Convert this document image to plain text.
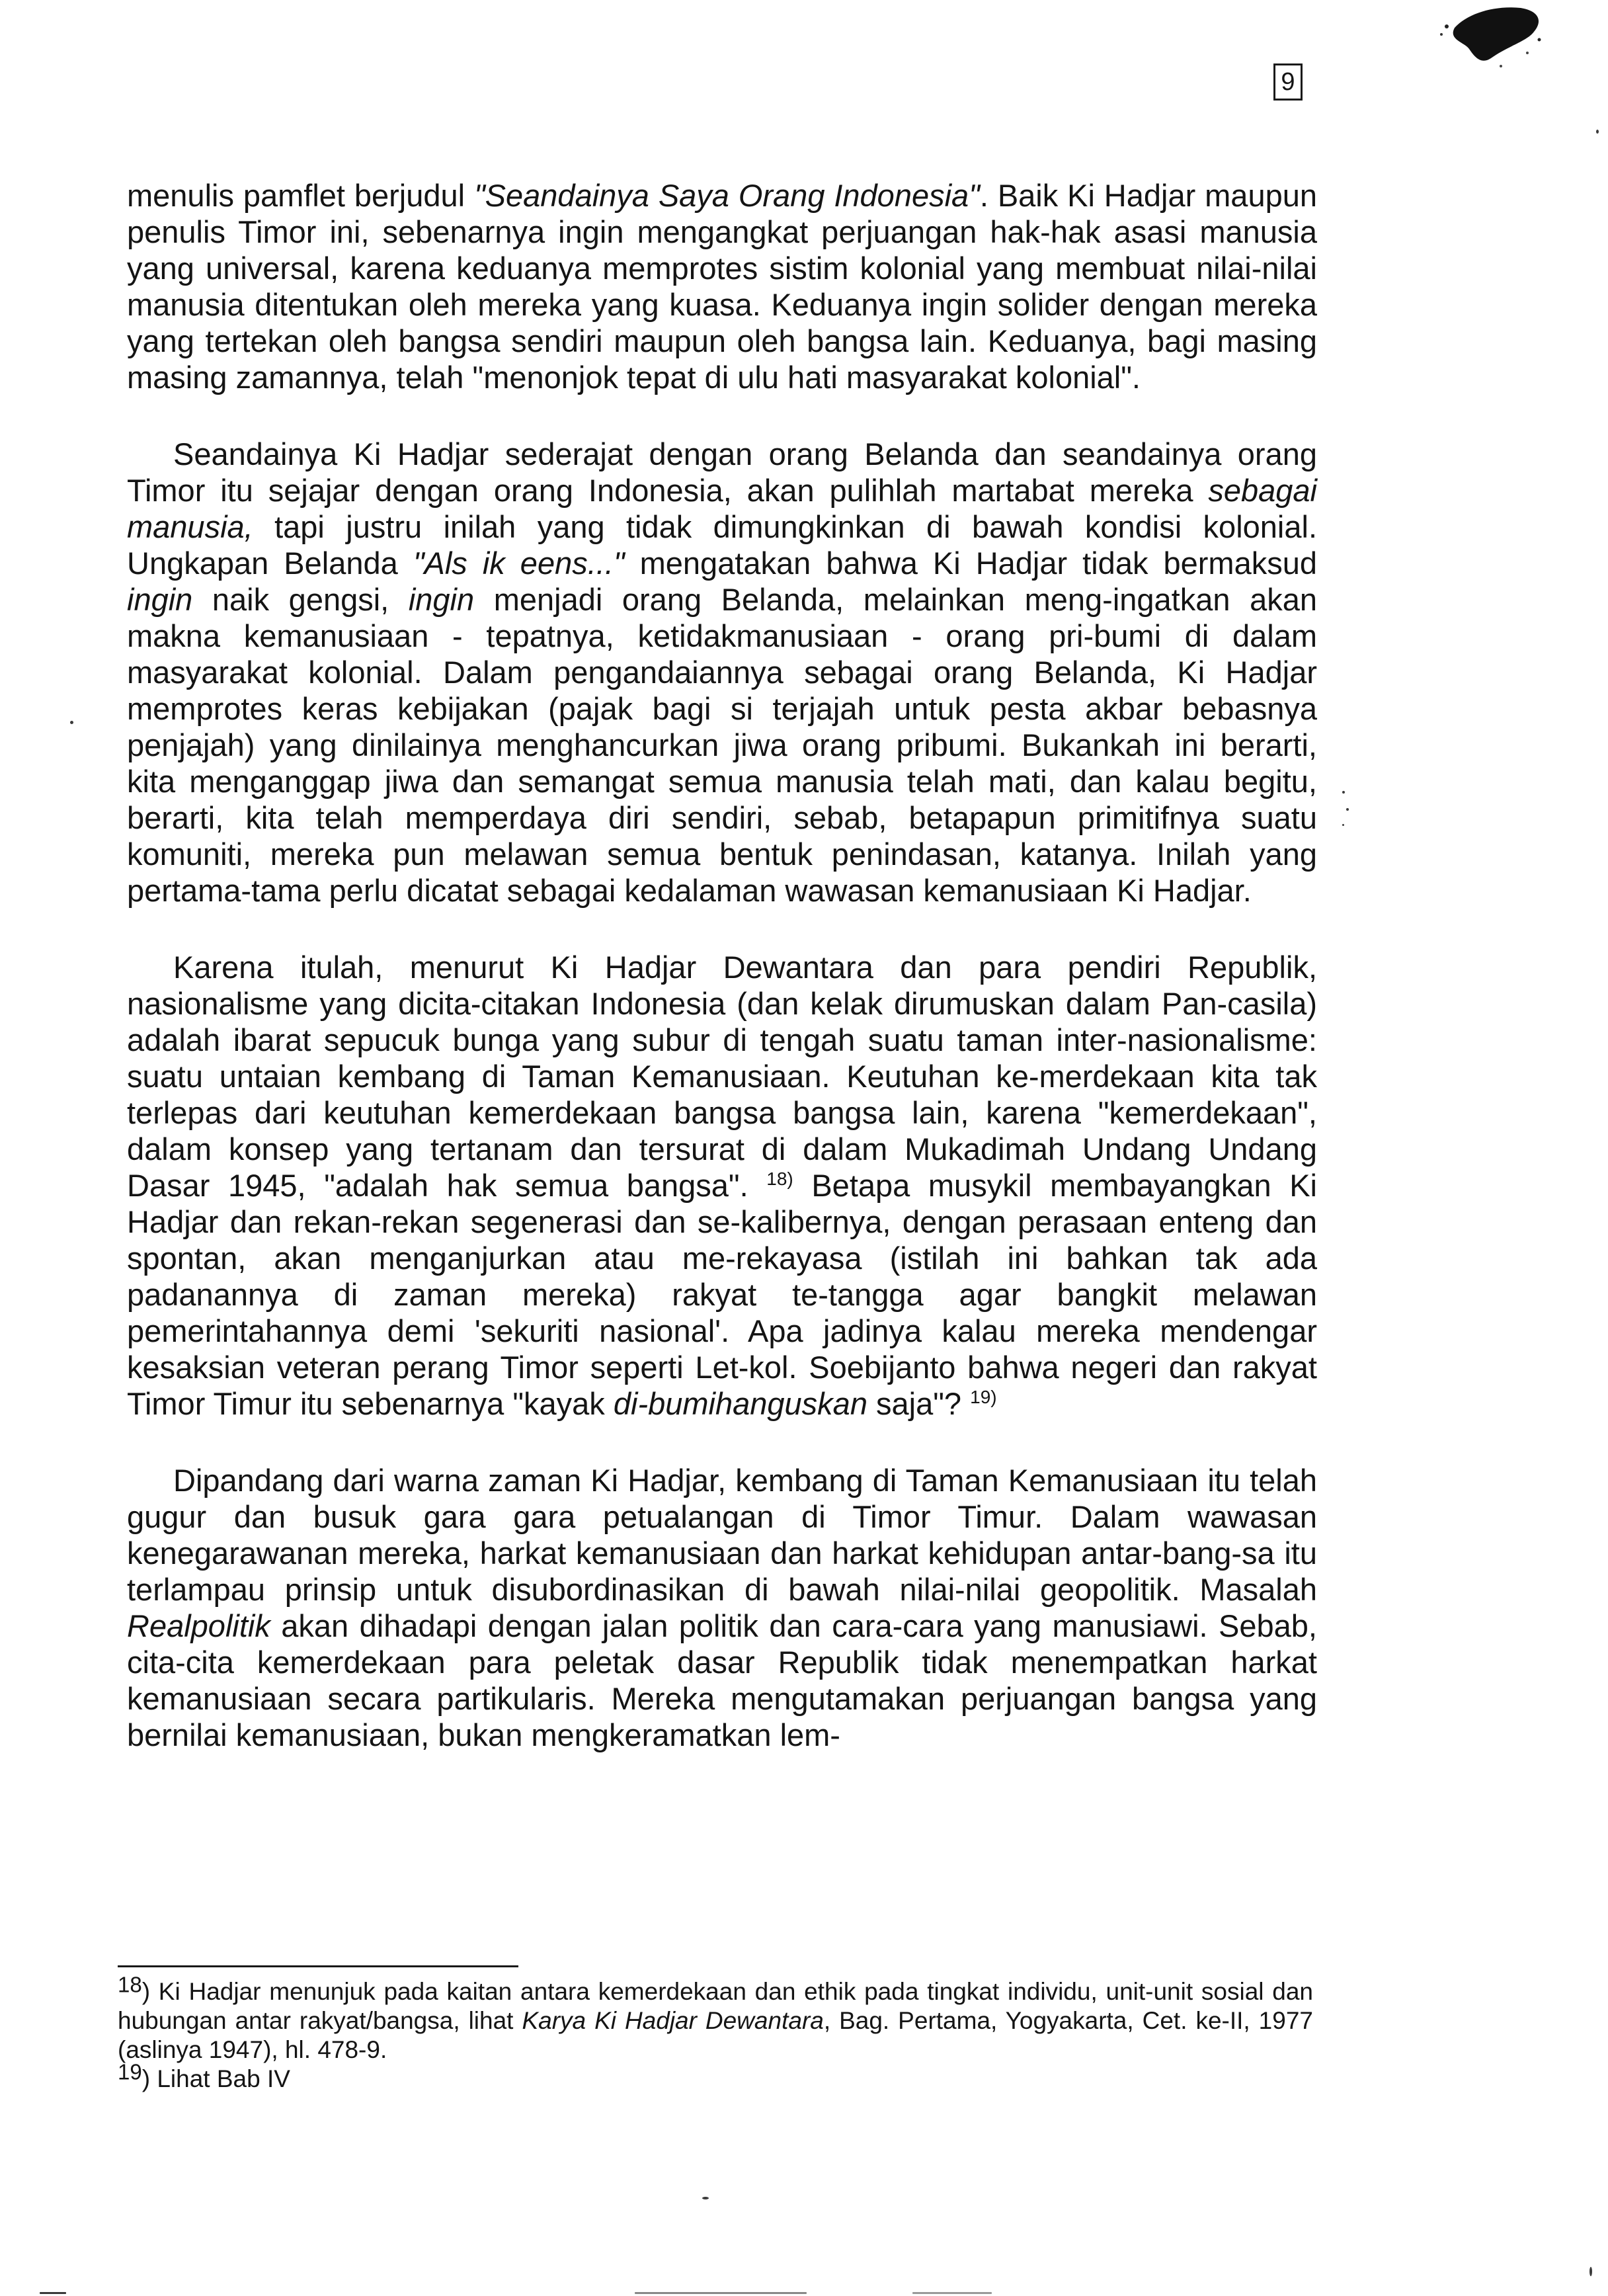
9

menulis pamflet berjudul "Seandainya Saya Orang Indonesia". Baik Ki Hadjar maupun penulis Timor ini, sebenarnya ingin mengangkat perjuangan hak-hak asasi manusia yang universal, karena keduanya memprotes sistim kolonial yang membuat nilai-nilai manusia ditentukan oleh mereka yang kuasa. Keduanya ingin solider dengan mereka yang tertekan oleh bangsa sendiri maupun oleh bangsa lain. Keduanya, bagi masing masing zamannya, telah "menonjok tepat di ulu hati masyarakat kolonial".

Seandainya Ki Hadjar sederajat dengan orang Belanda dan seandainya orang Timor itu sejajar dengan orang Indonesia, akan pulihlah martabat mereka sebagai manusia, tapi justru inilah yang tidak dimungkinkan di bawah kondisi kolonial. Ungkapan Belanda "Als ik eens..." mengatakan bahwa Ki Hadjar tidak bermaksud ingin naik gengsi, ingin menjadi orang Belanda, melainkan meng-ingatkan akan makna kemanusiaan - tepatnya, ketidakmanusiaan - orang pri-bumi di dalam masyarakat kolonial. Dalam pengandaiannya sebagai orang Belanda, Ki Hadjar memprotes keras kebijakan (pajak bagi si terjajah untuk pesta akbar bebasnya penjajah) yang dinilainya menghancurkan jiwa orang pribumi. Bukankah ini berarti, kita menganggap jiwa dan semangat semua manusia telah mati, dan kalau begitu, berarti, kita telah memperdaya diri sendiri, sebab, betapapun primitifnya suatu komuniti, mereka pun melawan semua bentuk penindasan, katanya. Inilah yang pertama-tama perlu dicatat sebagai kedalaman wawasan kemanusiaan Ki Hadjar.

Karena itulah, menurut Ki Hadjar Dewantara dan para pendiri Republik, nasionalisme yang dicita-citakan Indonesia (dan kelak dirumuskan dalam Pan-casila) adalah ibarat sepucuk bunga yang subur di tengah suatu taman inter-nasionalisme: suatu untaian kembang di Taman Kemanusiaan. Keutuhan ke-merdekaan kita tak terlepas dari keutuhan kemerdekaan bangsa bangsa lain, karena "kemerdekaan", dalam konsep yang tertanam dan tersurat di dalam Mukadimah Undang Undang Dasar 1945, "adalah hak semua bangsa". $^{18)}$ Betapa musykil membayangkan Ki Hadjar dan rekan-rekan segenerasi dan se-kalibernya, dengan perasaan enteng dan spontan, akan menganjurkan atau me-rekayasa (istilah ini bahkan tak ada padanannya di zaman mereka) rakyat te-tangga agar bangkit melawan pemerintahannya demi 'sekuriti nasional'. Apa jadinya kalau mereka mendengar kesaksian veteran perang Timor seperti Let-kol. Soebijanto bahwa negeri dan rakyat Timor Timur itu sebenarnya "kayak di-bumihanguskan saja"? $^{19)}$

Dipandang dari warna zaman Ki Hadjar, kembang di Taman Kemanusiaan itu telah gugur dan busuk gara gara petualangan di Timor Timur. Dalam wawasan kenegarawanan mereka, harkat kemanusiaan dan harkat kehidupan antar-bang-sa itu terlampau prinsip untuk disubordinasikan di bawah nilai-nilai geopolitik. Masalah Realpolitik akan dihadapi dengan jalan politik dan cara-cara yang manusiawi. Sebab, cita-cita kemerdekaan para peletak dasar Republik tidak menempatkan harkat kemanusiaan secara partikularis. Mereka mengutamakan perjuangan bangsa yang bernilai kemanusiaan, bukan mengkeramatkan lem-

18) Ki Hadjar menunjuk pada kaitan antara kemerdekaan dan ethik pada tingkat individu, unit-unit sosial dan hubungan antar rakyat/bangsa, lihat Karya Ki Hadjar Dewantara, Bag. Pertama, Yogyakarta, Cet. ke-II, 1977 (aslinya 1947), hl. 478-9.

19) Lihat Bab IV
